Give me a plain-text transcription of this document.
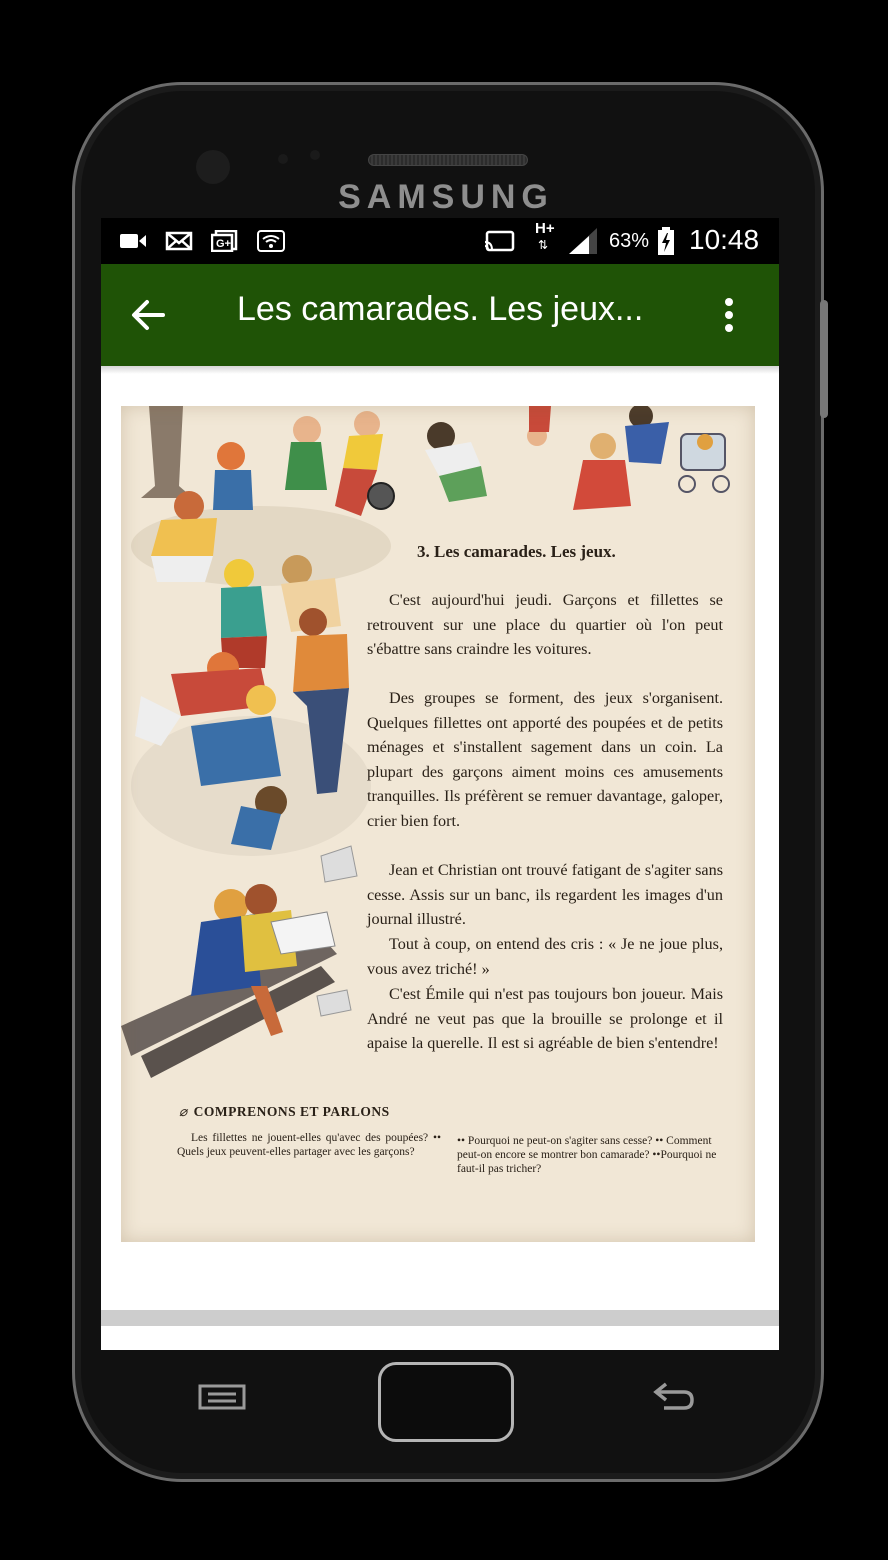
SAMSUNG
G+
H+
⇅	63% 10:48
Les camarades. Les jeux...
3. Les camarades. Les jeux.

C'est aujourd'hui jeudi. Garçons et fillettes se retrouvent sur une place du quartier où l'on peut s'ébattre sans craindre les voitures.

Des groupes se forment, des jeux s'organisent. Quelques fillettes ont apporté des poupées et de petits ménages et s'installent sagement dans un coin. La plupart des garçons aiment moins ces amusements tranquilles. Ils préfèrent se remuer davantage, galoper, crier bien fort.

Jean et Christian ont trouvé fatigant de s'agiter sans cesse. Assis sur un banc, ils regardent les images d'un journal illustré.

Tout à coup, on entend des cris : « Je ne joue plus, vous avez triché! »

C'est Émile qui n'est pas toujours bon joueur. Mais André ne veut pas que la brouille se prolonge et il apaise la querelle. Il est si agréable de bien s'entendre!

⌀ COMPRENONS ET PARLONS

Les fillettes ne jouent-elles qu'avec des poupées? •• Quels jeux peuvent-elles partager avec les garçons?

•• Pourquoi ne peut-on s'agiter sans cesse? •• Comment peut-on encore se montrer bon camarade? ••Pourquoi ne faut-il pas tricher?
